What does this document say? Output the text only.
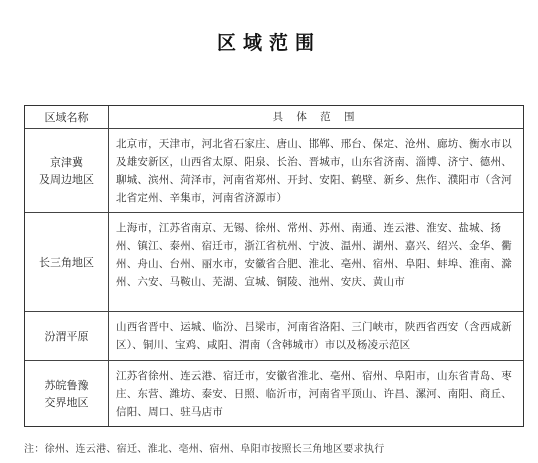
区域范围
区域名称	具 体 范 围
京津冀
及周边地区
北京市，天津市，河北省石家庄、唐山、邯郸、邢台、保定、沧州、廊坊、衡水市以及雄安新区，山西省太原、阳泉、长治、晋城市，山东省济南、淄博、济宁、德州、聊城、滨州、菏泽市，河南省郑州、开封、安阳、鹤壁、新乡、焦作、濮阳市（含河北省定州、辛集市，河南省济源市）
长三角地区
上海市，江苏省南京、无锡、徐州、常州、苏州、南通、连云港、淮安、盐城、扬州、镇江、泰州、宿迁市，浙江省杭州、宁波、温州、湖州、嘉兴、绍兴、金华、衢州、舟山、台州、丽水市，安徽省合肥、淮北、亳州、宿州、阜阳、蚌埠、淮南、滁州、六安、马鞍山、芜湖、宣城、铜陵、池州、安庆、黄山市
汾渭平原
山西省晋中、运城、临汾、吕梁市，河南省洛阳、三门峡市，陕西省西安（含西咸新区）、铜川、宝鸡、咸阳、渭南（含韩城市）市以及杨凌示范区
苏皖鲁豫
交界地区
江苏省徐州、连云港、宿迁市，安徽省淮北、亳州、宿州、阜阳市，山东省青岛、枣庄、东营、潍坊、泰安、日照、临沂市，河南省平顶山、许昌、漯河、南阳、商丘、信阳、周口、驻马店市
注：徐州、连云港、宿迁、淮北、亳州、宿州、阜阳市按照长三角地区要求执行
